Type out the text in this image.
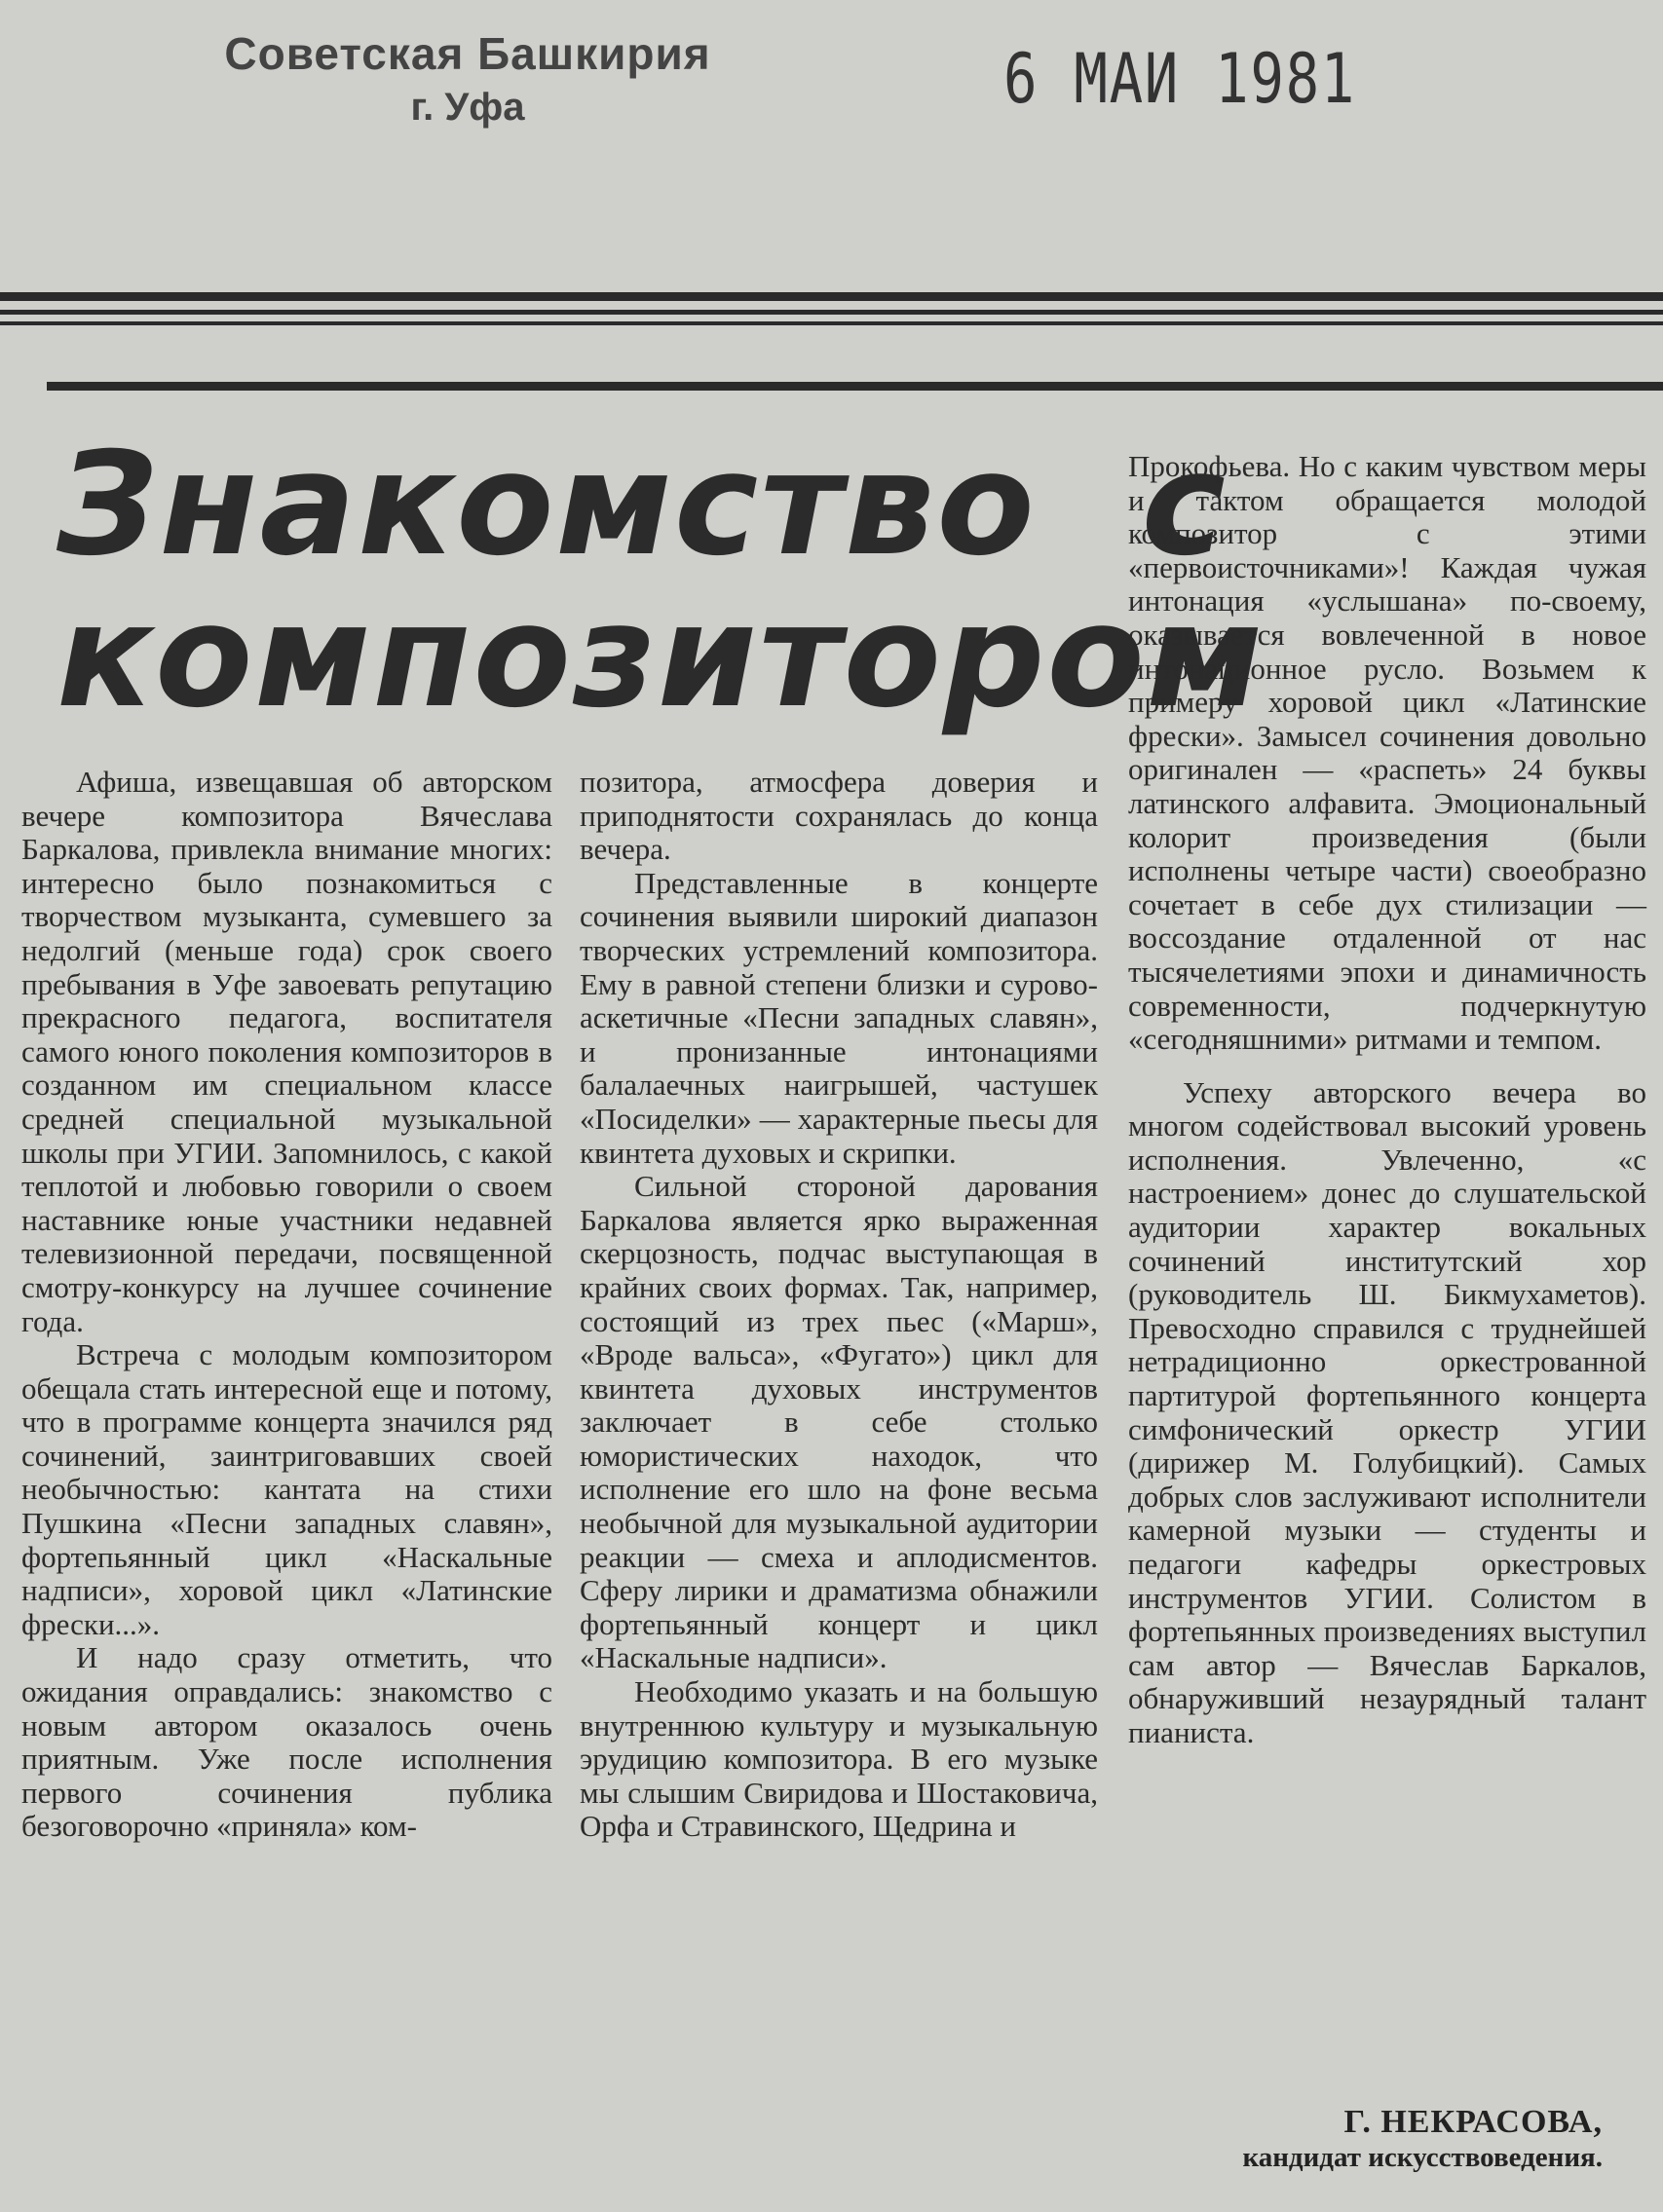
Советская Башкирия
г. Уфа	6 МАИ 1981
Знакомство с
композитором

Афиша, извещавшая об авторском вечере композитора Вячеслава Баркалова, привлекла внимание многих: интересно было познакомиться с творчеством музыканта, сумевшего за недолгий (меньше года) срок своего пребывания в Уфе завоевать репутацию прекрасного педагога, воспитателя самого юного поколения композиторов в созданном им специальном классе средней специальной музыкальной школы при УГИИ. Запомнилось, с какой теплотой и любовью говорили о своем наставнике юные участники недавней телевизионной передачи, посвященной смотру-конкурсу на лучшее сочинение года.

Встреча с молодым композитором обещала стать интересной еще и потому, что в программе концерта значился ряд сочинений, заинтриговавших своей необычностью: кантата на стихи Пушкина «Песни западных славян», фортепьянный цикл «Наскальные надписи», хоровой цикл «Латинские фрески...».

И надо сразу отметить, что ожидания оправдались: знакомство с новым автором оказалось очень приятным. Уже после исполнения первого сочинения публика безоговорочно «приняла» ком-

позитора, атмосфера доверия и приподнятости сохранялась до конца вечера.

Представленные в концерте сочинения выявили широкий диапазон творческих устремлений композитора. Ему в равной степени близки и сурово-аскетичные «Песни западных славян», и пронизанные интонациями балалаечных наигрышей, частушек «Посиделки» — характерные пьесы для квинтета духовых и скрипки.

Сильной стороной дарования Баркалова является ярко выраженная скерцозность, подчас выступающая в крайних своих формах. Так, например, состоящий из трех пьес («Марш», «Вроде вальса», «Фугато») цикл для квинтета духовых инструментов заключает в себе столько юмористических находок, что исполнение его шло на фоне весьма необычной для музыкальной аудитории реакции — смеха и аплодисментов. Сферу лирики и драматизма обнажили фортепьянный концерт и цикл «Наскальные надписи».

Необходимо указать и на большую внутреннюю культуру и музыкальную эрудицию композитора. В его музыке мы слышим Свиридова и Шостаковича, Орфа и Стравинского, Щедрина и

Прокофьева. Но с каким чувством меры и тактом обращается молодой композитор с этими «первоисточниками»! Каждая чужая интонация «услышана» по-своему, оказывается вовлеченной в новое интонационное русло. Возьмем к примеру хоровой цикл «Латинские фрески». Замысел сочинения довольно оригинален — «распеть» 24 буквы латинского алфавита. Эмоциональный колорит произведения (были исполнены четыре части) своеобразно сочетает в себе дух стилизации — воссоздание отдаленной от нас тысячелетиями эпохи и динамичность современности, подчеркнутую «сегодняшними» ритмами и темпом.

Успеху авторского вечера во многом содействовал высокий уровень исполнения. Увлеченно, «с настроением» донес до слушательской аудитории характер вокальных сочинений институтский хор (руководитель Ш. Бикмухаметов). Превосходно справился с труднейшей нетрадиционно оркестрованной партитурой фортепьянного концерта симфонический оркестр УГИИ (дирижер М. Голубицкий). Самых добрых слов заслуживают исполнители камерной музыки — студенты и педагоги кафедры оркестровых инструментов УГИИ. Солистом в фортепьянных произведениях выступил сам автор — Вячеслав Баркалов, обнаруживший незаурядный талант пианиста.

Г. НЕКРАСОВА,
кандидат искусствоведения.
